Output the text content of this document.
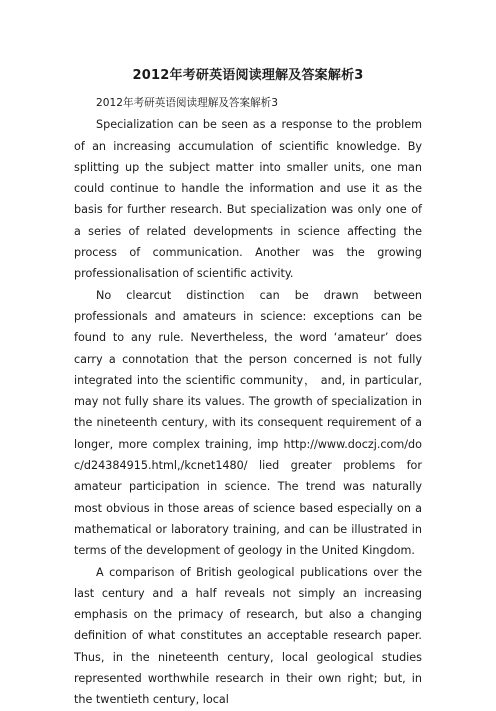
2012年考研英语阅读理解及答案解析3

2012年考研英语阅读理解及答案解析3

Specialization can be seen as a response to the problem of an increasing accumulation of scientific knowledge. By splitting up the subject matter into smaller units, one man could continue to handle the information and use it as the basis for further research. But specialization was only one of a series of related developments in science affecting the process of communication. Another was the growing professionalisation of scientific activity.

No clearcut distinction can be drawn between professionals and amateurs in science: exceptions can be found to any rule. Nevertheless, the word ‘amateur’ does carry a connotation that the person concerned is not fully integrated into the scientific community， and, in particular, may not fully share its values. The growth of specialization in the nineteenth century, with its consequent requirement of a longer, more complex training, imp http://www.doczj.com/doc/d24384915.html,/kcnet1480/ lied greater problems for amateur participation in science. The trend was naturally most obvious in those areas of science based especially on a mathematical or laboratory training, and can be illustrated in terms of the development of geology in the United Kingdom.

A comparison of British geological publications over the last century and a half reveals not simply an increasing emphasis on the primacy of research, but also a changing definition of what constitutes an acceptable research paper. Thus, in the nineteenth century, local geological studies represented worthwhile research in their own right; but, in the twentieth century, local
